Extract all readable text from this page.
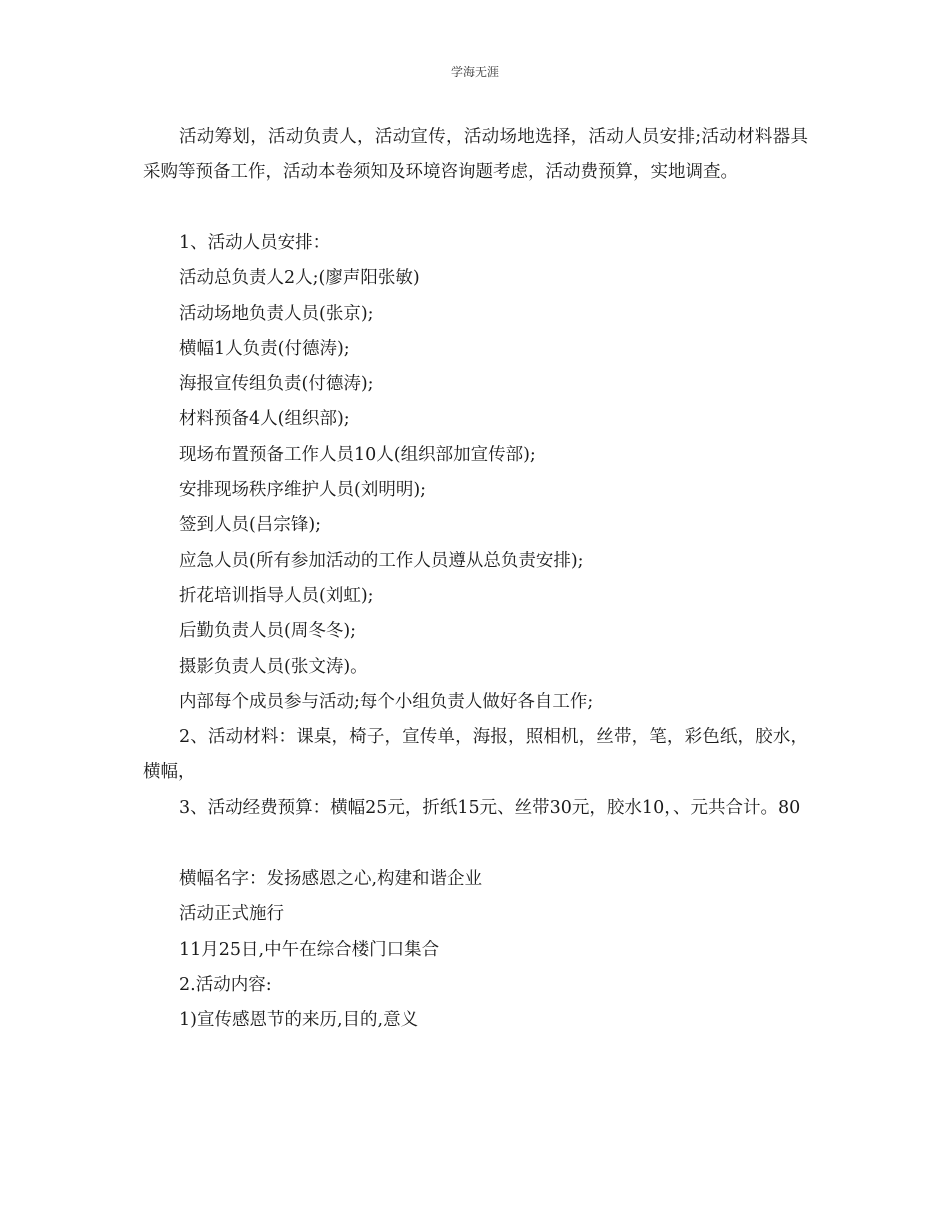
学海无涯

活动筹划，活动负责人，活动宣传，活动场地选择，活动人员安排;活动材料器具采购等预备工作，活动本卷须知及环境咨询题考虑，活动费预算，实地调查。

1、活动人员安排：

活动总负责人2人;(廖声阳张敏)

活动场地负责人员(张京);

横幅1人负责(付德涛);

海报宣传组负责(付德涛);

材料预备4人(组织部);

现场布置预备工作人员10人(组织部加宣传部);

安排现场秩序维护人员(刘明明);

签到人员(吕宗锋);

应急人员(所有参加活动的工作人员遵从总负责安排);

折花培训指导人员(刘虹);

后勤负责人员(周冬冬);

摄影负责人员(张文涛)。

内部每个成员参与活动;每个小组负责人做好各自工作;

2、活动材料：课桌，椅子，宣传单，海报，照相机，丝带，笔，彩色纸，胶水，横幅，

3、活动经费预算：横幅25元，折纸15元、丝带30元，胶水10，、元共合计。80

横幅名字：发扬感恩之心,构建和谐企业

活动正式施行

11月25日,中午在综合楼门口集合

2.活动内容:

1)宣传感恩节的来历,目的,意义
